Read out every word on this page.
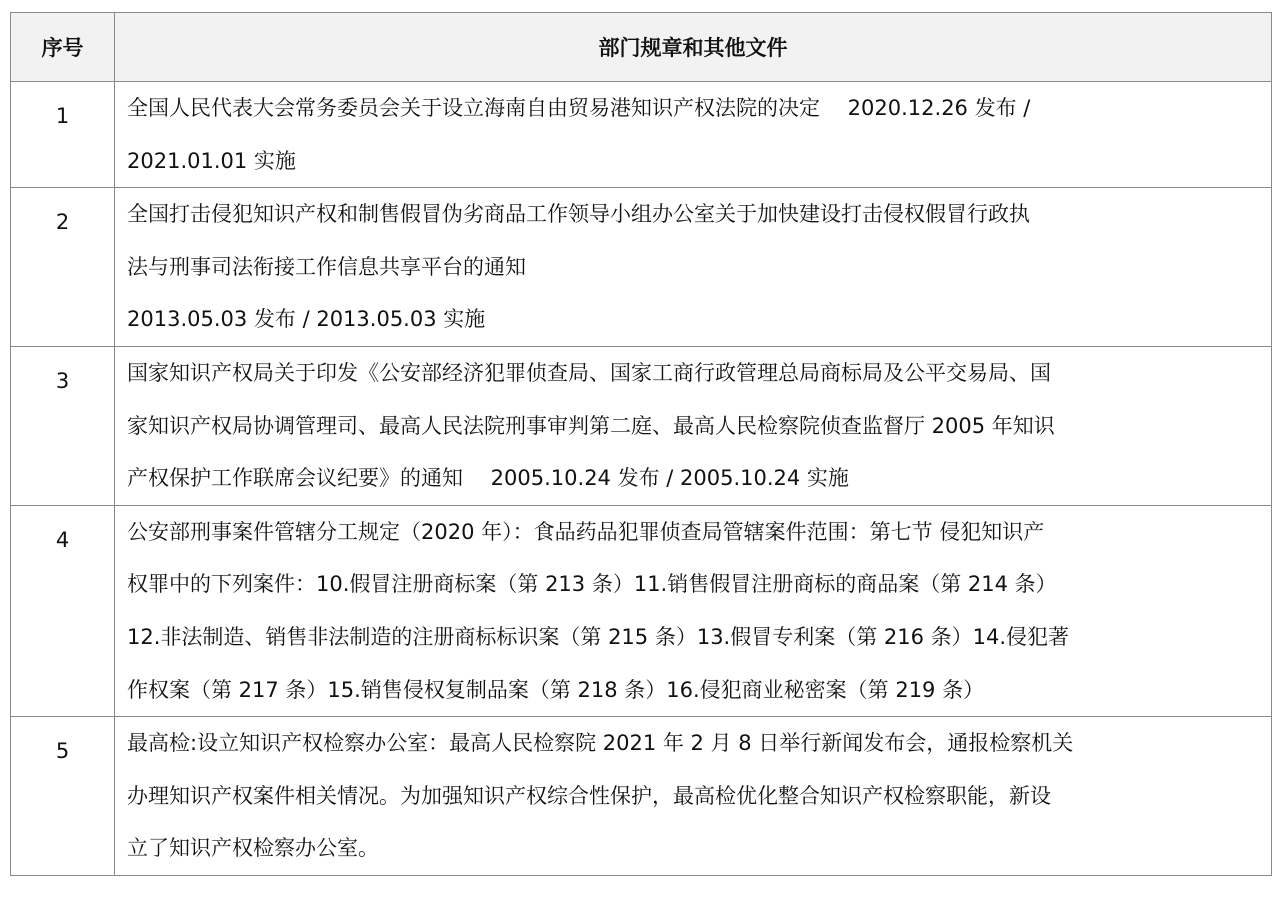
序号	部门规章和其他文件
1	全国人民代表大会常务委员会关于设立海南自由贸易港知识产权法院的决定  2020.12.26 发布 /
2021.01.01 实施

2	全国打击侵犯知识产权和制售假冒伪劣商品工作领导小组办公室关于加快建设打击侵权假冒行政执
法与刑事司法衔接工作信息共享平台的通知
2013.05.03 发布 / 2013.05.03 实施

3	国家知识产权局关于印发《公安部经济犯罪侦查局、国家工商行政管理总局商标局及公平交易局、国
家知识产权局协调管理司、最高人民法院刑事审判第二庭、最高人民检察院侦查监督厅 2005 年知识
产权保护工作联席会议纪要》的通知  2005.10.24 发布 / 2005.10.24 实施

4	公安部刑事案件管辖分工规定（2020 年）：食品药品犯罪侦查局管辖案件范围：第七节 侵犯知识产
权罪中的下列案件：10.假冒注册商标案（第 213 条）11.销售假冒注册商标的商品案（第 214 条）
12.非法制造、销售非法制造的注册商标标识案（第 215 条）13.假冒专利案（第 216 条）14.侵犯著
作权案（第 217 条）15.销售侵权复制品案（第 218 条）16.侵犯商业秘密案（第 219 条）

5	最高检:设立知识产权检察办公室：最高人民检察院 2021 年 2 月 8 日举行新闻发布会，通报检察机关
办理知识产权案件相关情况。为加强知识产权综合性保护，最高检优化整合知识产权检察职能，新设
立了知识产权检察办公室。
